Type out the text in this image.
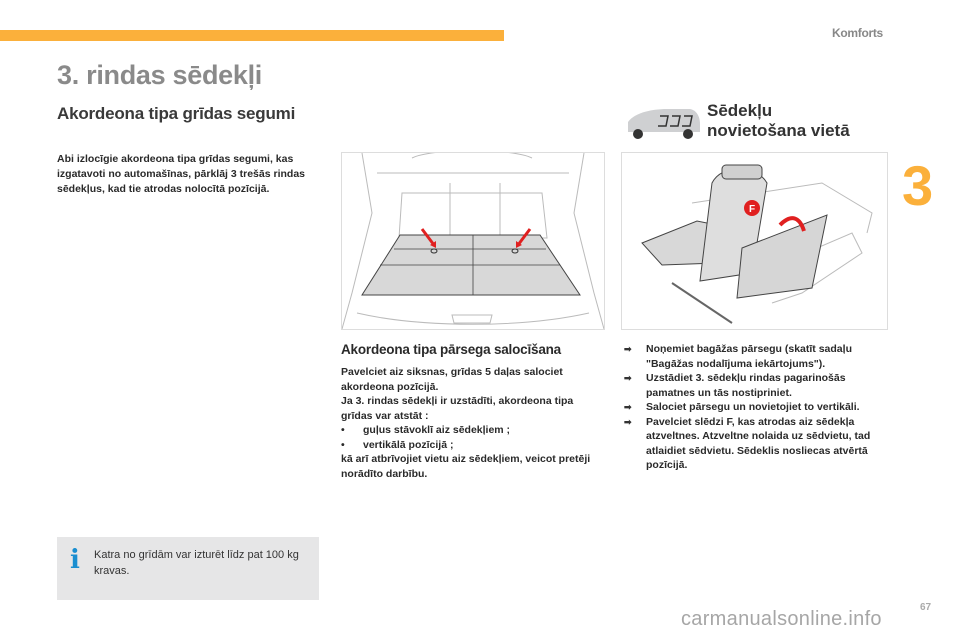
Komforts
3
3. rindas sēdekļi
Akordeona tipa grīdas segumi
Abi izlocīgie akordeona tipa grīdas segumi, kas izgatavoti no automašīnas, pārklāj 3 trešās rindas sēdekļus, kad tie atrodas nolocītā pozīcijā.
i Katra no grīdām var izturēt līdz pat 100 kg kravas.
Akordeona tipa pārsega salocīšana
Pavelciet aiz siksnas, grīdas 5 daļas salociet akordeona pozīcijā.
Ja 3. rindas sēdekļi ir uzstādīti, akordeona tipa grīdas var atstāt :
•	guļus stāvoklī aiz sēdekļiem ;
•	vertikālā pozīcijā ;
kā arī atbrīvojiet vietu aiz sēdekļiem, veicot pretēji norādīto darbību.
Sēdekļu
novietošana vietā
F
➡	Noņemiet bagāžas pārsegu (skatīt sadaļu "Bagāžas nodalījuma iekārtojums").
➡	Uzstādiet 3. sēdekļu rindas pagarinošās pamatnes un tās nostipriniet.
➡	Salociet pārsegu un novietojiet to vertikāli.
➡	Pavelciet slēdzi F, kas atrodas aiz sēdekļa atzveltnes. Atzveltne nolaida uz sēdvietu, tad atlaidiet sēdvietu. Sēdeklis nosliecas atvērtā pozīcijā.
carmanualsonline.info
67
